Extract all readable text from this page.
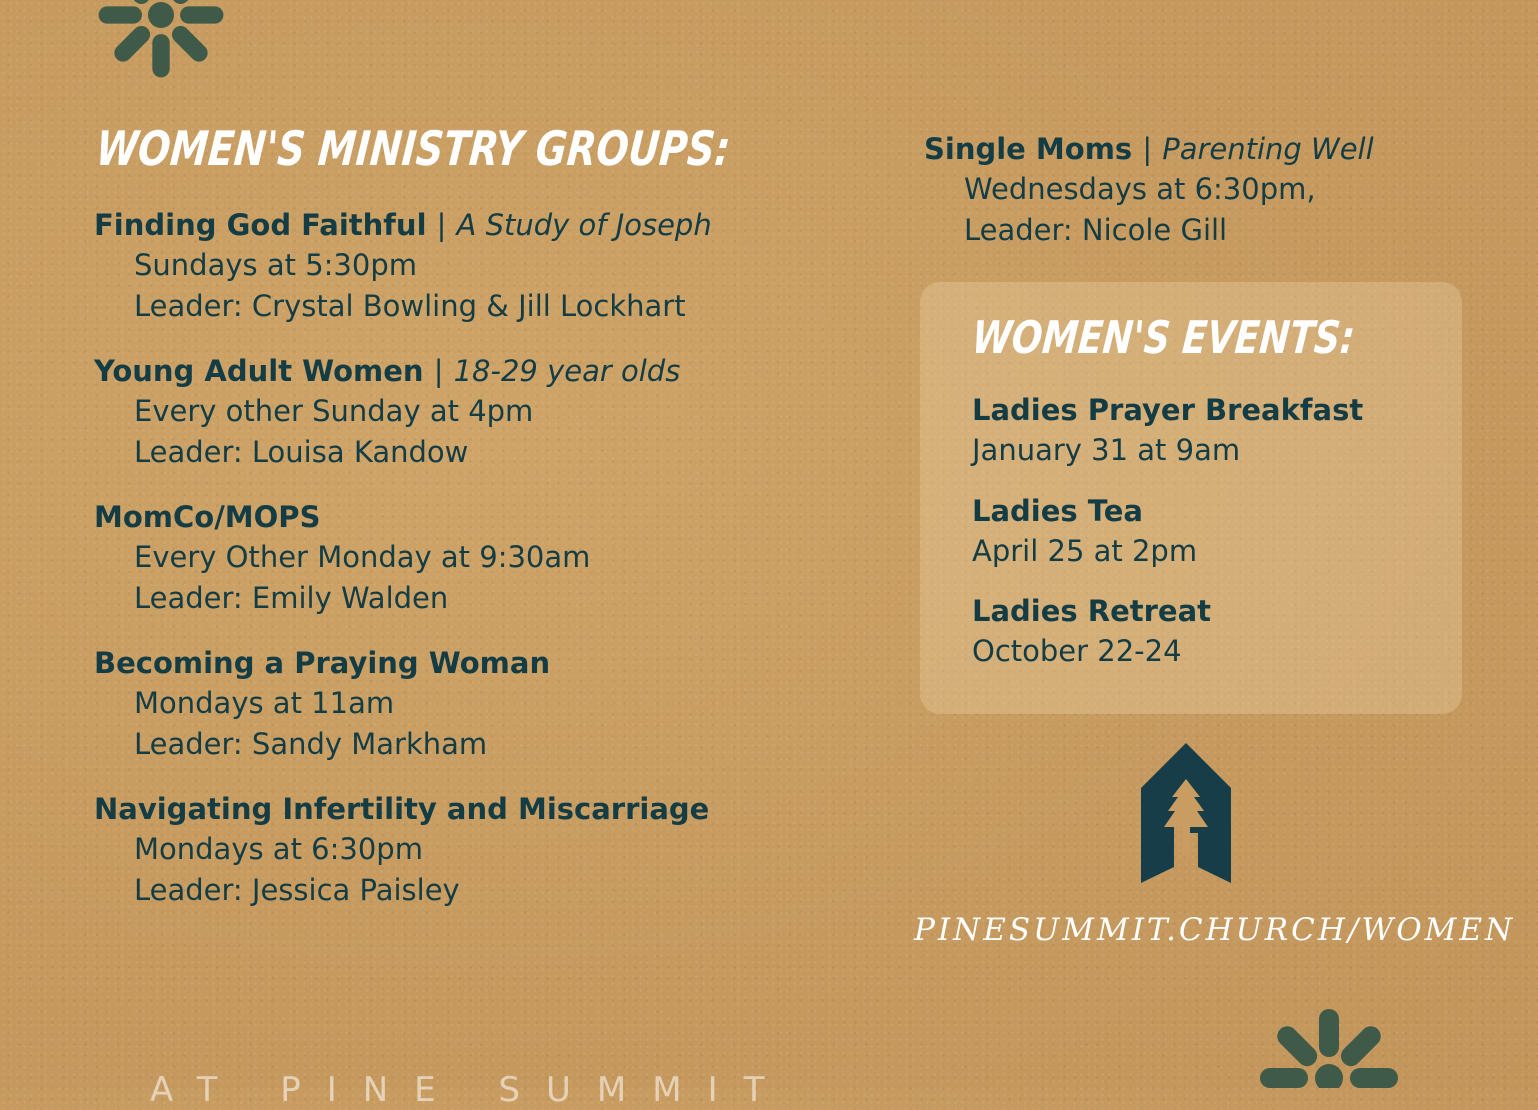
WOMEN'S MINISTRY GROUPS:
Finding God Faithful | A Study of Joseph
Sundays at 5:30pm
Leader: Crystal Bowling & Jill Lockhart
Young Adult Women | 18-29 year olds
Every other Sunday at 4pm
Leader: Louisa Kandow
MomCo/MOPS
Every Other Monday at 9:30am
Leader: Emily Walden
Becoming a Praying Woman
Mondays at 11am
Leader: Sandy Markham
Navigating Infertility and Miscarriage
Mondays at 6:30pm
Leader: Jessica Paisley
Single Moms | Parenting Well
Wednesdays at 6:30pm,
Leader: Nicole Gill
WOMEN'S EVENTS:
Ladies Prayer Breakfast
January 31 at 9am
Ladies Tea
April 25 at 2pm
Ladies Retreat
October 22-24
PINESUMMIT.CHURCH/WOMEN
AT PINE SUMMIT
